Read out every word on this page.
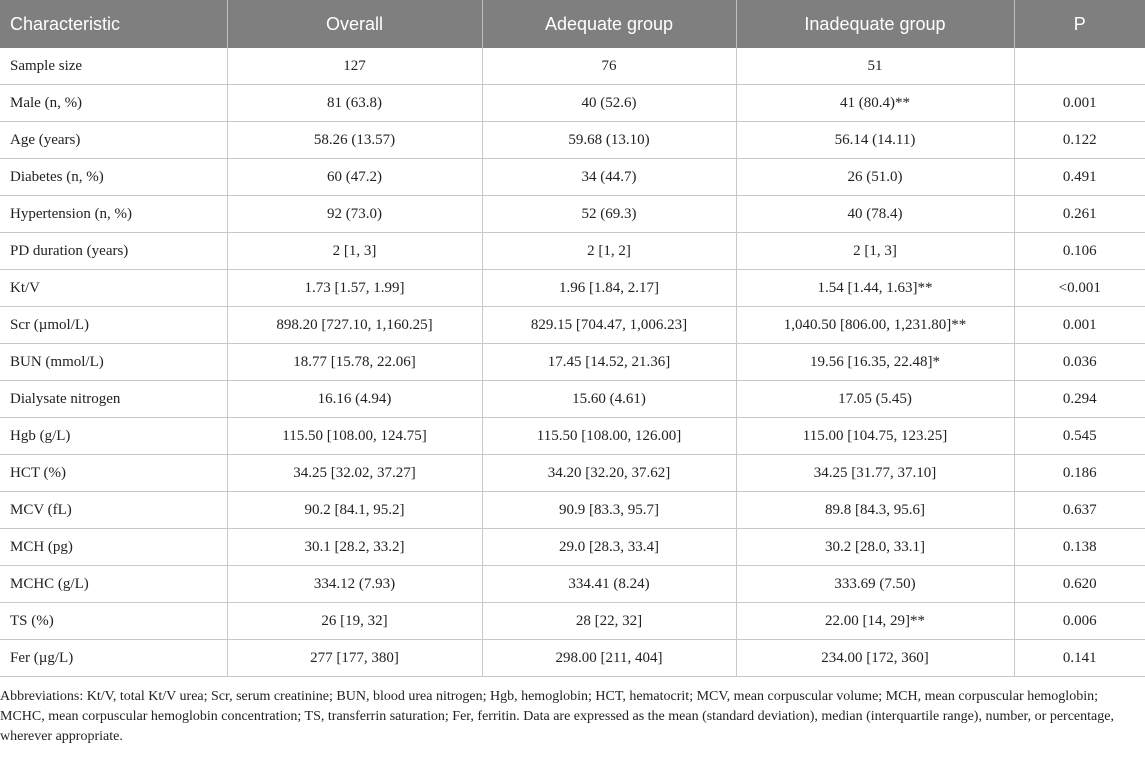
Characteristic	Overall	Adequate group	Inadequate group	P
Sample size	127	76	51	
Male (n, %)	81 (63.8)	40 (52.6)	41 (80.4)**	0.001
Age (years)	58.26 (13.57)	59.68 (13.10)	56.14 (14.11)	0.122
Diabetes (n, %)	60 (47.2)	34 (44.7)	26 (51.0)	0.491
Hypertension (n, %)	92 (73.0)	52 (69.3)	40 (78.4)	0.261
PD duration (years)	2 [1, 3]	2 [1, 2]	2 [1, 3]	0.106
Kt/V	1.73 [1.57, 1.99]	1.96 [1.84, 2.17]	1.54 [1.44, 1.63]**	<0.001
Scr (µmol/L)	898.20 [727.10, 1,160.25]	829.15 [704.47, 1,006.23]	1,040.50 [806.00, 1,231.80]**	0.001
BUN (mmol/L)	18.77 [15.78, 22.06]	17.45 [14.52, 21.36]	19.56 [16.35, 22.48]*	0.036
Dialysate nitrogen	16.16 (4.94)	15.60 (4.61)	17.05 (5.45)	0.294
Hgb (g/L)	115.50 [108.00, 124.75]	115.50 [108.00, 126.00]	115.00 [104.75, 123.25]	0.545
HCT (%)	34.25 [32.02, 37.27]	34.20 [32.20, 37.62]	34.25 [31.77, 37.10]	0.186
MCV (fL)	90.2 [84.1, 95.2]	90.9 [83.3, 95.7]	89.8 [84.3, 95.6]	0.637
MCH (pg)	30.1 [28.2, 33.2]	29.0 [28.3, 33.4]	30.2 [28.0, 33.1]	0.138
MCHC (g/L)	334.12 (7.93)	334.41 (8.24)	333.69 (7.50)	0.620
TS (%)	26 [19, 32]	28 [22, 32]	22.00 [14, 29]**	0.006
Fer (µg/L)	277 [177, 380]	298.00 [211, 404]	234.00 [172, 360]	0.141
Abbreviations: Kt/V, total Kt/V urea; Scr, serum creatinine; BUN, blood urea nitrogen; Hgb, hemoglobin; HCT, hematocrit; MCV, mean corpuscular volume; MCH, mean corpuscular hemoglobin; MCHC, mean corpuscular hemoglobin concentration; TS, transferrin saturation; Fer, ferritin. Data are expressed as the mean (standard deviation), median (interquartile range), number, or percentage, wherever appropriate.
